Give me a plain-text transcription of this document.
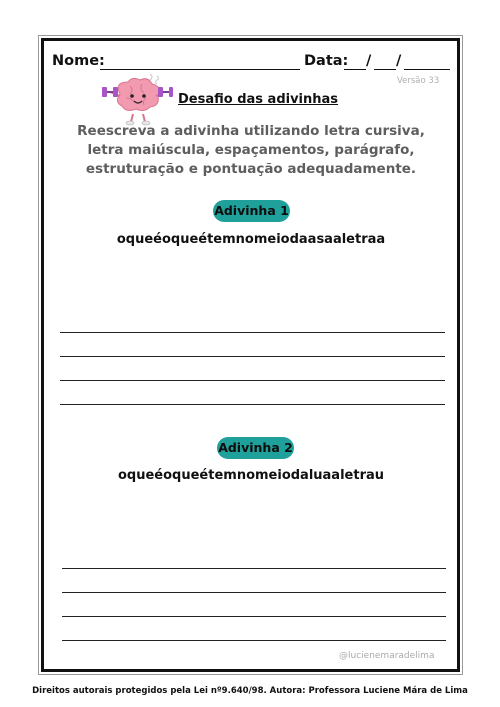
Nome:	Data: / /
Versão 33
Desafio das adivinhas
Reescreva a adivinha utilizando letra cursiva, letra maiúscula, espaçamentos, parágrafo, estruturação e pontuação adequadamente.
Adivinha 1
oqueéoqueétemnomeiodaasaaletraa
Adivinha 2
oqueéoqueétemnomeiodaluaaletrau
@lucienemaradelima
Direitos autorais protegidos pela Lei nº9.640/98. Autora: Professora Luciene Mára de Lima
